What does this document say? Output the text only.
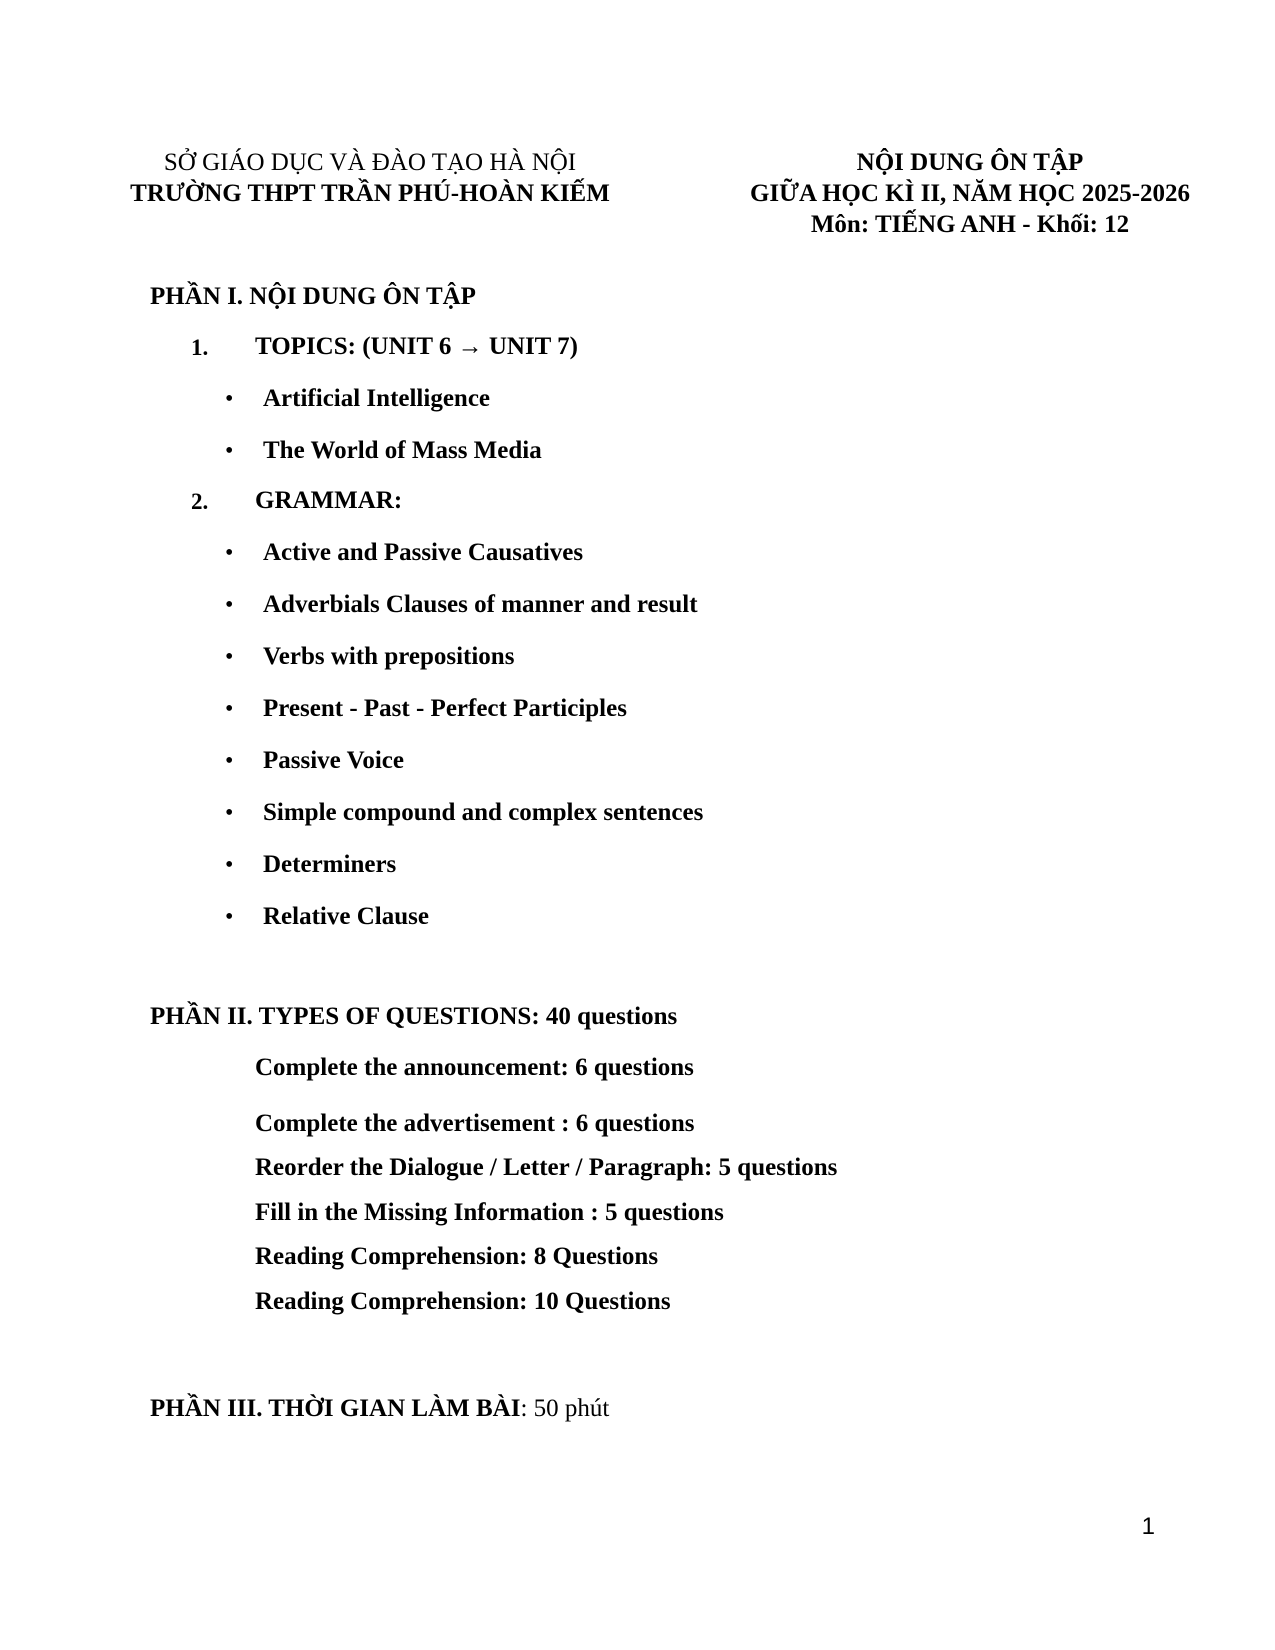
SỞ GIÁO DỤC VÀ ĐÀO TẠO HÀ NỘI
TRƯỜNG THPT TRẦN PHÚ-HOÀN KIẾM
NỘI DUNG ÔN TẬP
GIỮA HỌC KÌ II, NĂM HỌC 2025-2026
Môn: TIẾNG ANH - Khối: 12
PHẦN I. NỘI DUNG ÔN TẬP
1. TOPICS: (UNIT 6 → UNIT 7)
• Artificial Intelligence
• The World of Mass Media
2. GRAMMAR:
• Active and Passive Causatives
• Adverbials Clauses of manner and result
• Verbs with prepositions
• Present - Past - Perfect Participles
• Passive Voice
• Simple compound and complex sentences
• Determiners
• Relative Clause
PHẦN II. TYPES OF QUESTIONS: 40 questions
Complete the announcement: 6 questions
Complete the advertisement : 6 questions
Reorder the Dialogue / Letter / Paragraph: 5 questions
Fill in the Missing Information : 5 questions
Reading Comprehension: 8 Questions
Reading Comprehension: 10 Questions
PHẦN III. THỜI GIAN LÀM BÀI: 50 phút
1
